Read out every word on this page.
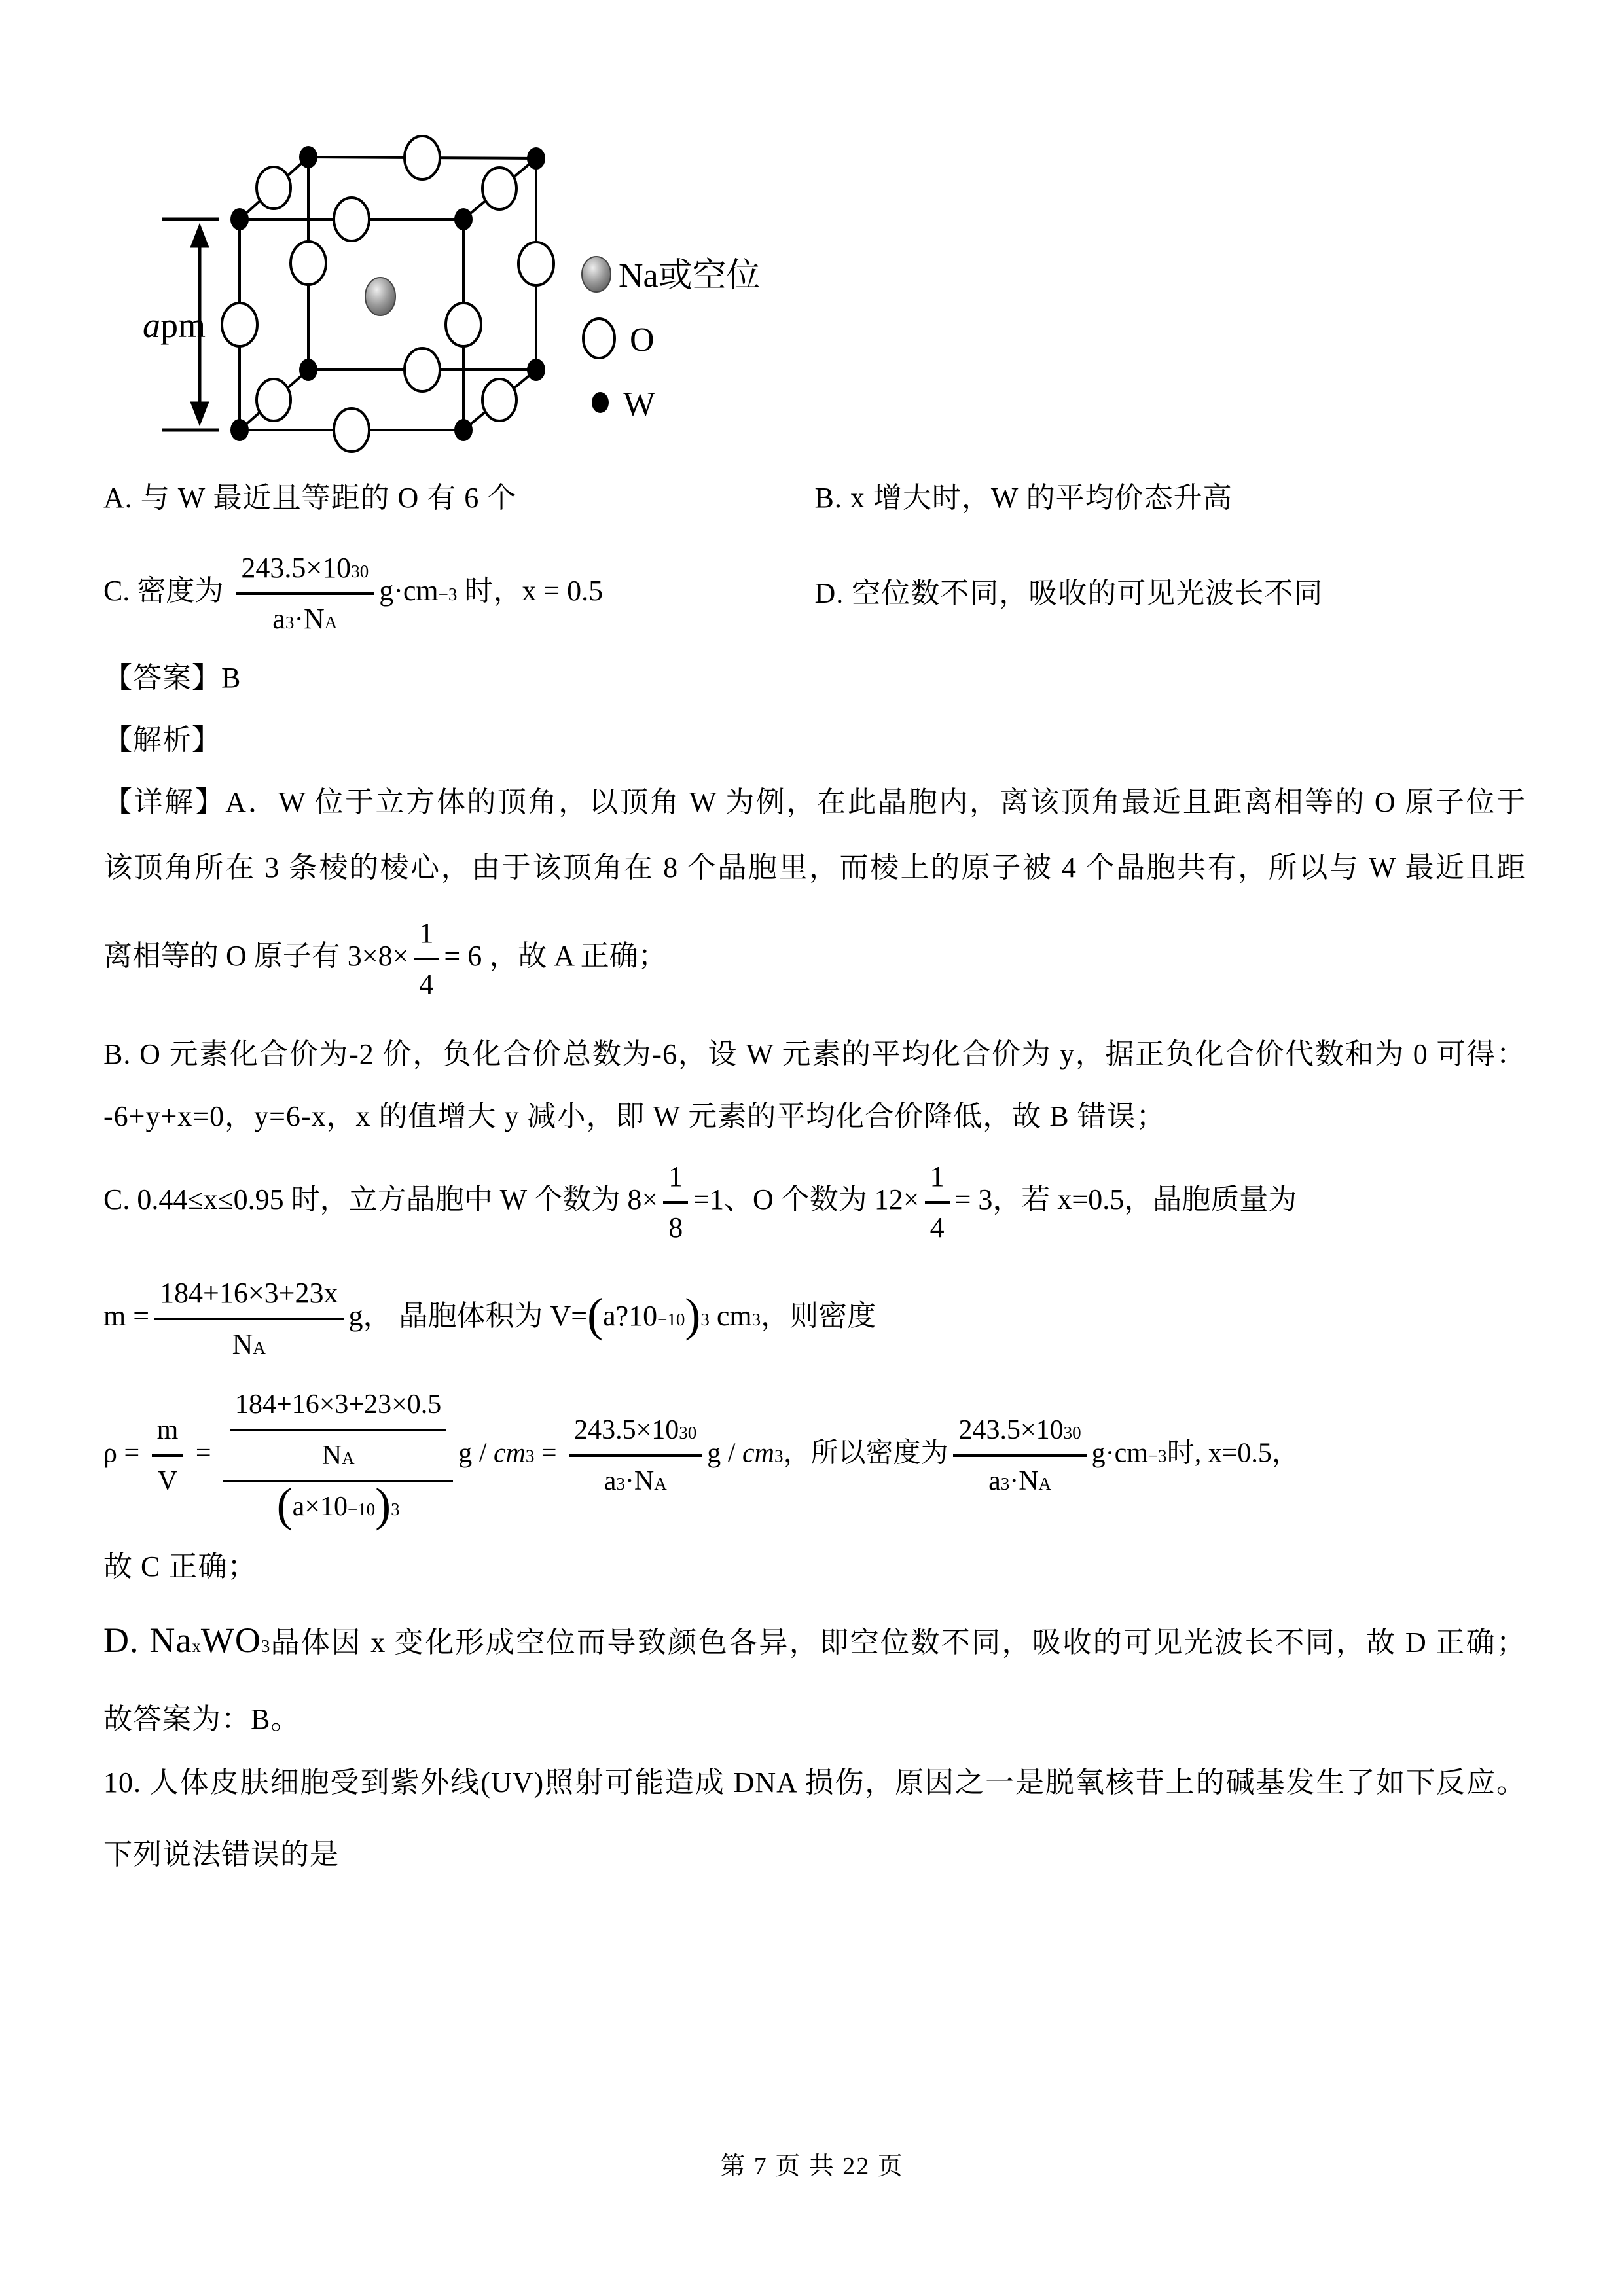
apm
Na或空位
O
W
A. 与 W 最近且等距的 O 有 6 个	B. x 增大时，W 的平均价态升高
C. 密度为 $\frac{243.5\times 10^{30}}{a^3\cdot N_A} g\cdot cm^{-3}$ 时，x = 0.5	D. 空位数不同，吸收的可见光波长不同
【答案】B
【解析】
【详解】A．W 位于立方体的顶角，以顶角 W 为例，在此晶胞内，离该顶角最近且距离相等的 O 原子位于
该顶角所在 3 条棱的棱心，由于该顶角在 8 个晶胞里，而棱上的原子被 4 个晶胞共有，所以与 W 最近且距
离相等的 O 原子有 $3\times 8\times \frac{1}{4} = 6$ ，故 A 正确；
B. O 元素化合价为-2 价，负化合价总数为-6，设 W 元素的平均化合价为 y，据正负化合价代数和为 0 可得：
-6+y+x=0，y=6-x，x 的值增大 y 减小，即 W 元素的平均化合价降低，故 B 错误；
C. 0.44≤x≤0.95 时，立方晶胞中 W 个数为 $8\times \frac{1}{8} =1$、O 个数为 $12\times \frac{1}{4} = 3$，若 x=0.5，晶胞质量为
$m = \frac{184+16\times 3+23x}{N_A}$ g， 晶胞体积为 $V=(a?10^{-10})^3$ $cm^3$，则密度
$\rho = \frac{m}{V} = \frac{\frac{184+16\times 3+23\times 0.5}{N_A}}{(a\times 10^{-10})^3}$ $g / cm^3 = \frac{243.5\times 10^{30}}{a^3\cdot N_A}$ g / $cm^3$，所以密度为 $\frac{243.5\times 10^{30}}{a^3\cdot N_A} g\cdot cm^{-3}$时, x=0.5，
故 C 正确；
D. $Na_xWO_3$晶体因 x 变化形成空位而导致颜色各异，即空位数不同，吸收的可见光波长不同，故 D 正确；
故答案为：B。
10. 人体皮肤细胞受到紫外线(UV)照射可能造成 DNA 损伤，原因之一是脱氧核苷上的碱基发生了如下反应。
下列说法错误的是
第 7 页 共 22 页
